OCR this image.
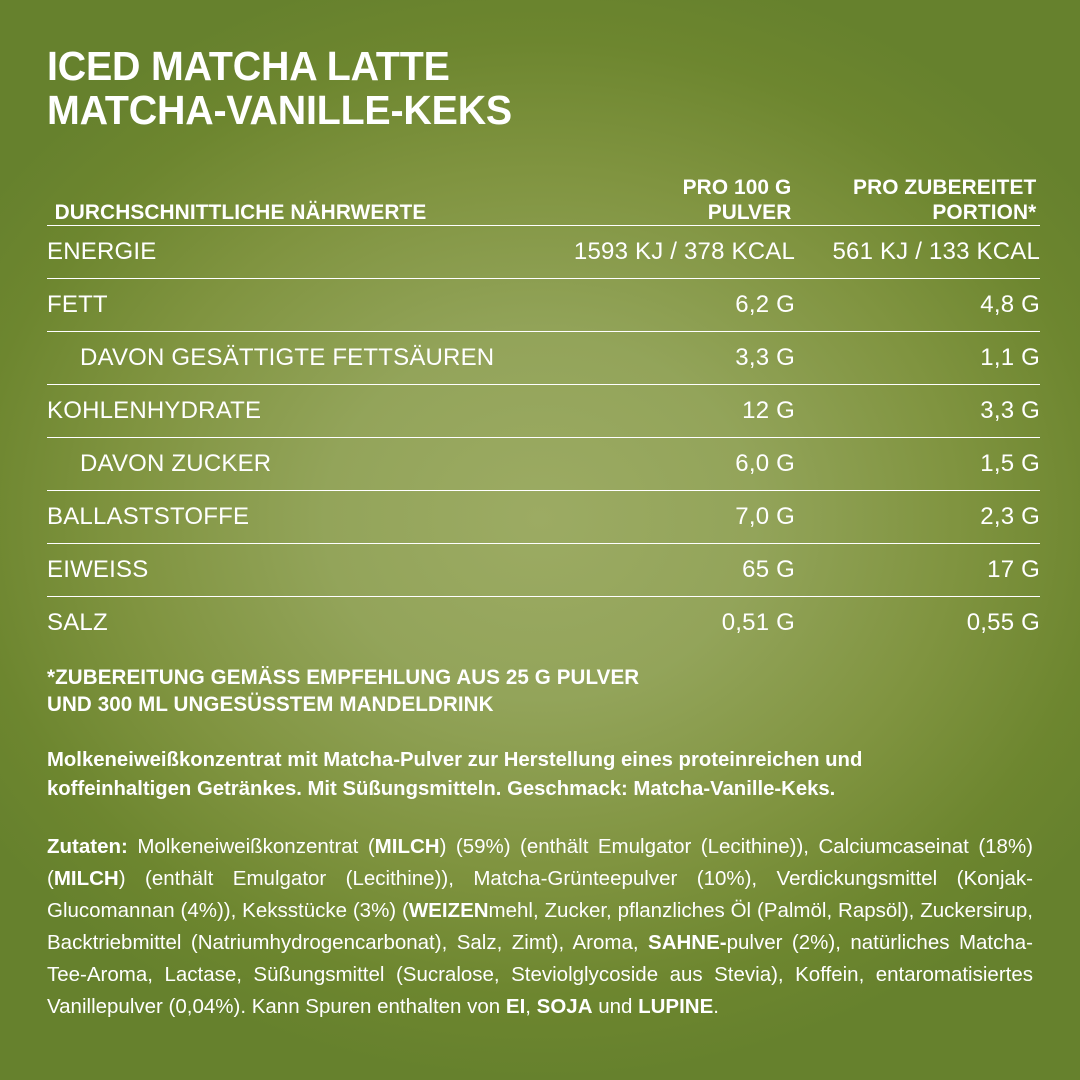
ICED MATCHA LATTE
MATCHA-VANILLE-KEKS
DURCHSCHNITTLICHE NÄHRWERTE	
PRO 100 G
PULVER

PRO ZUBEREITET
PORTION*

ENERGIE	1593 KJ / 378 KCAL	561 KJ / 133 KCAL
FETT	6,2 G	4,8 G
DAVON GESÄTTIGTE FETTSÄUREN	3,3 G	1,1 G
KOHLENHYDRATE	12 G	3,3 G
DAVON ZUCKER	6,0 G	1,5 G
BALLASTSTOFFE	7,0 G	2,3 G
EIWEISS	65 G	17 G
SALZ	0,51 G	0,55 G
*ZUBEREITUNG GEMÄSS EMPFEHLUNG AUS 25 G PULVER
UND 300 ML UNGESÜSSTEM MANDELDRINK
Molkeneiweißkonzentrat mit Matcha-Pulver zur Herstellung eines proteinreichen und koffeinhaltigen Getränkes. Mit Süßungsmitteln. Geschmack: Matcha-Vanille-Keks.
Zutaten: Molkeneiweißkonzentrat (MILCH) (59%) (enthält Emulgator (Lecithine)), Calciumcaseinat (18%) (MILCH) (enthält Emulgator (Lecithine)), Matcha-Grünteepulver (10%), Verdickungsmittel (Konjak-Glucomannan (4%)), Keksstücke (3%) (WEIZENmehl, Zucker, pflanzliches Öl (Palmöl, Rapsöl), Zuckersirup, Backtriebmittel (Natriumhydrogencarbonat), Salz, Zimt), Aroma, SAHNE-pulver (2%), natürliches Matcha-Tee-Aroma, Lactase, Süßungsmittel (Sucralose, Steviolglycoside aus Stevia), Koffein, entaromatisiertes Vanillepulver (0,04%). Kann Spuren enthalten von EI, SOJA und LUPINE.
